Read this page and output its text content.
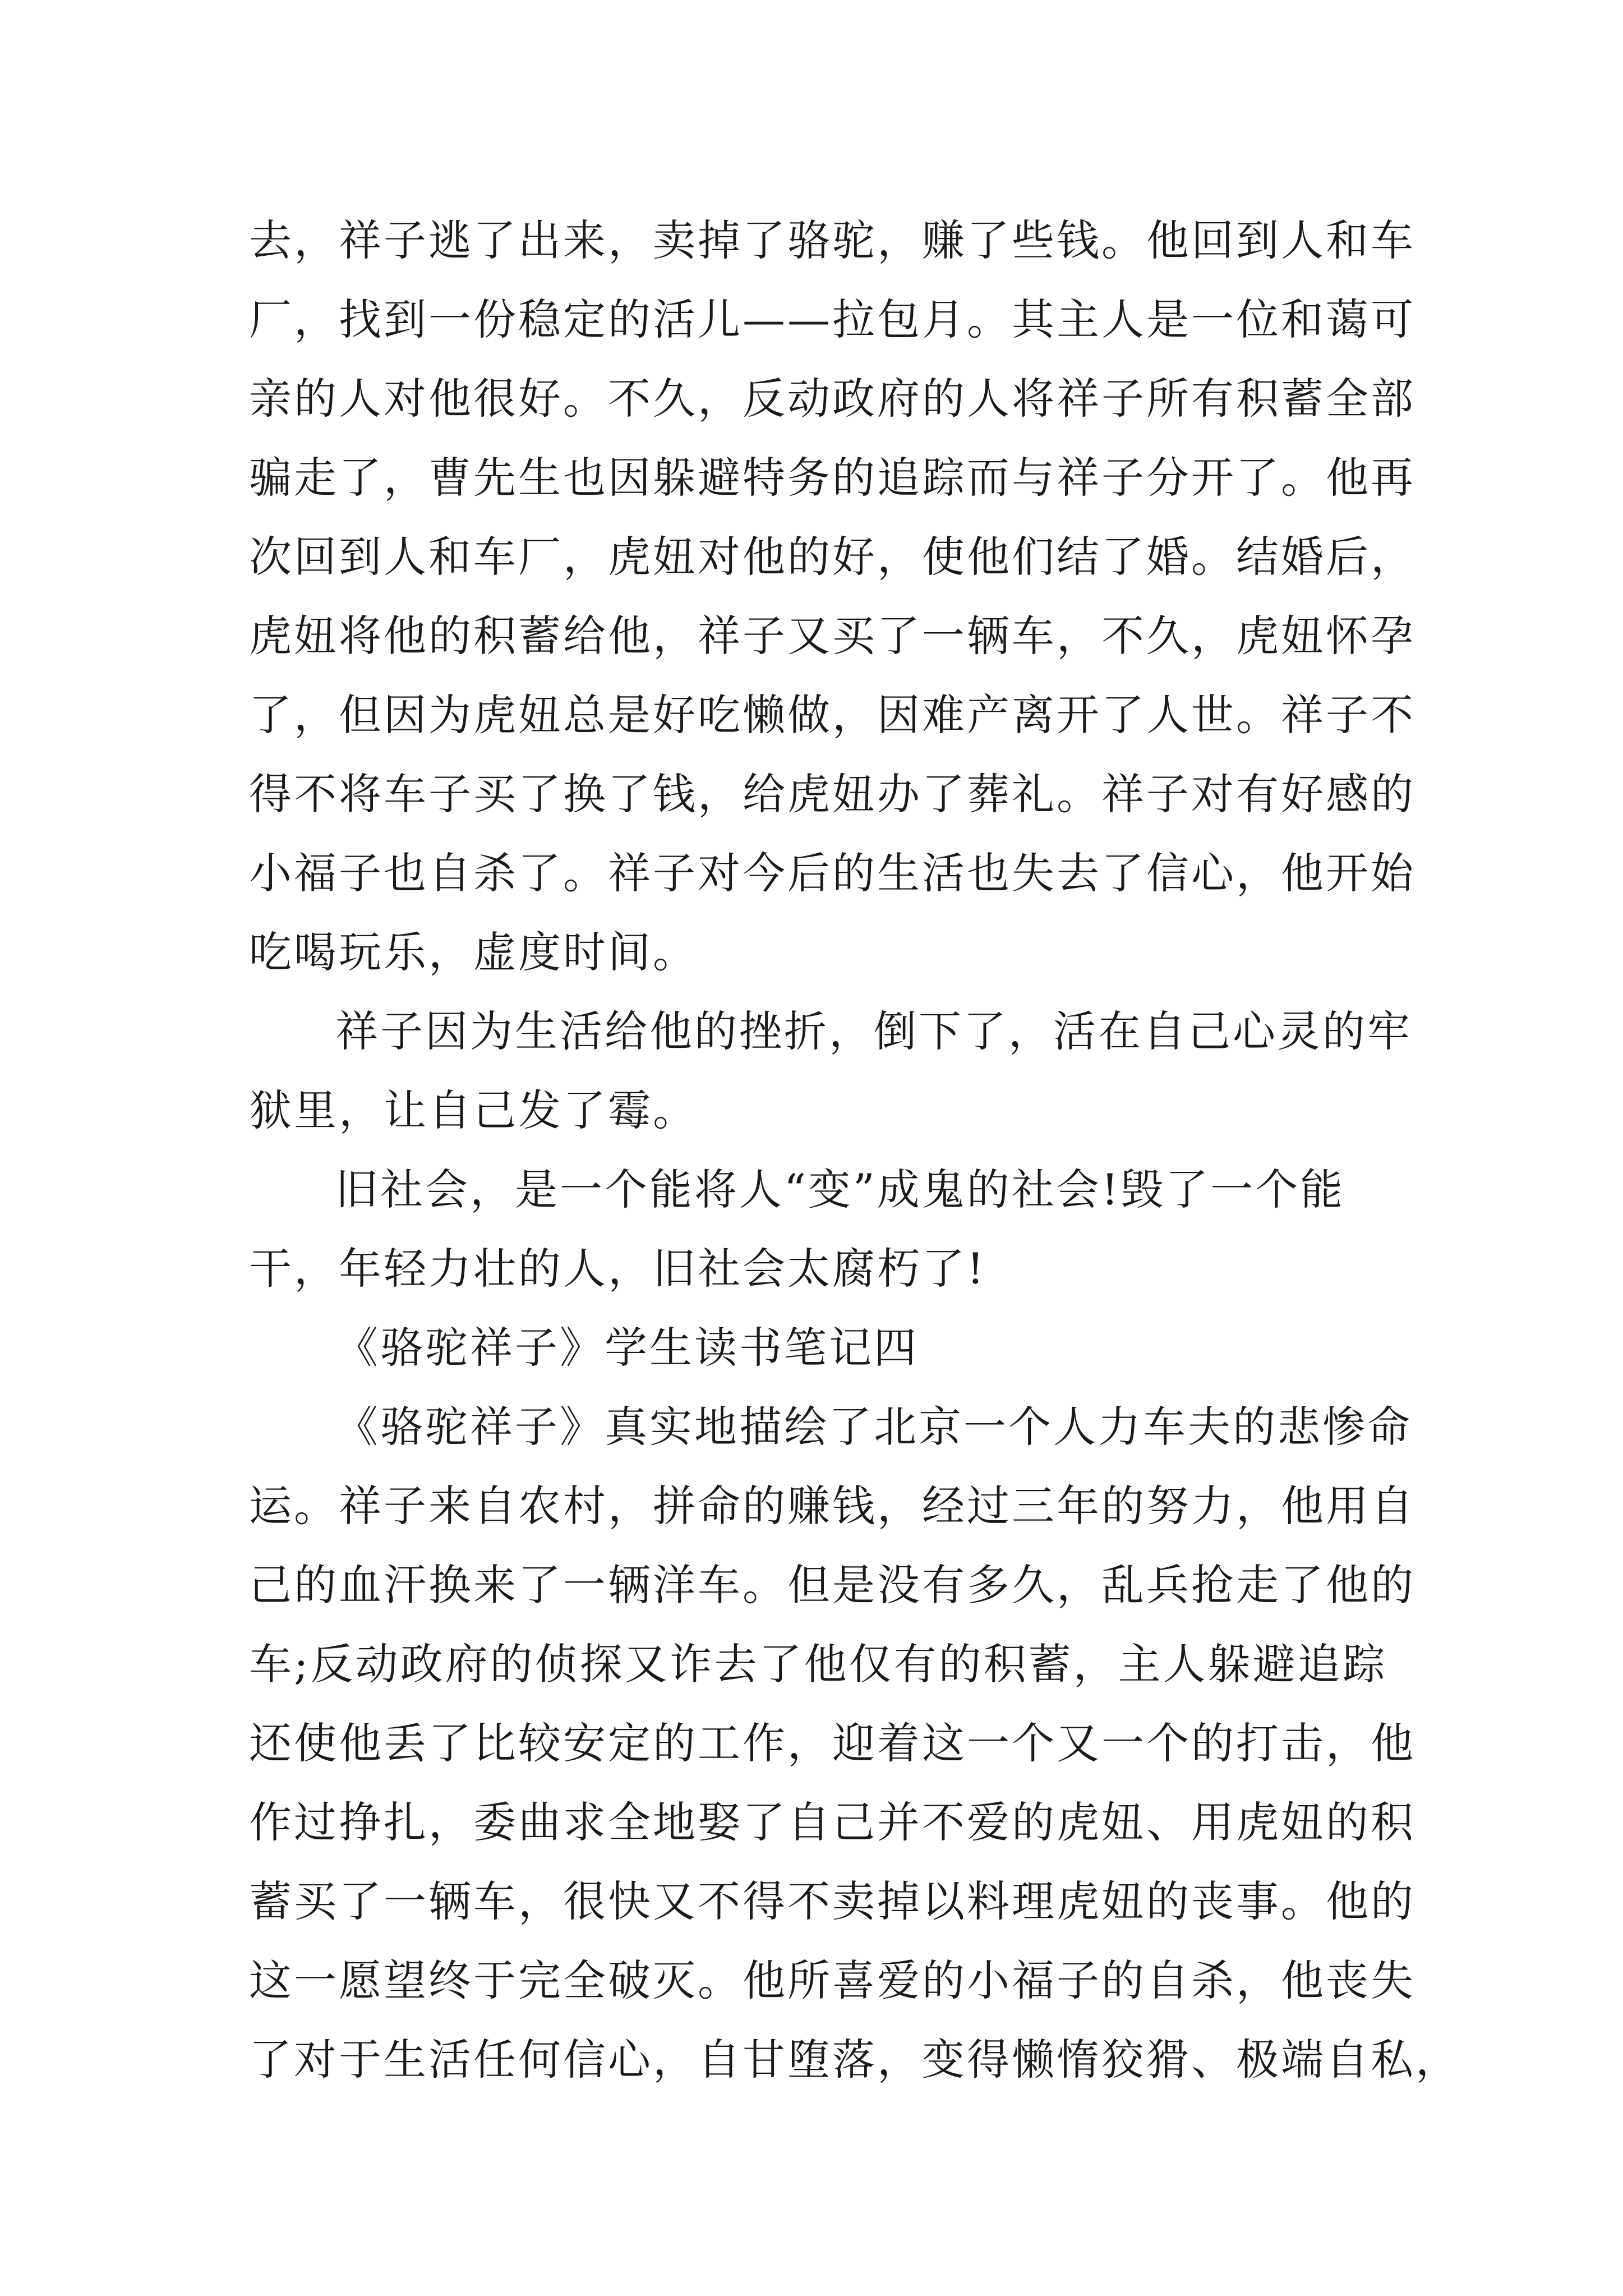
去，祥子逃了出来，卖掉了骆驼，赚了些钱。他回到人和车
厂，找到一份稳定的活儿——拉包月。其主人是一位和蔼可
亲的人对他很好。不久，反动政府的人将祥子所有积蓄全部
骗走了，曹先生也因躲避特务的追踪而与祥子分开了。他再
次回到人和车厂，虎妞对他的好，使他们结了婚。结婚后，
虎妞将他的积蓄给他，祥子又买了一辆车，不久，虎妞怀孕
了，但因为虎妞总是好吃懒做，因难产离开了人世。祥子不
得不将车子买了换了钱，给虎妞办了葬礼。祥子对有好感的
小福子也自杀了。祥子对今后的生活也失去了信心，他开始
吃喝玩乐，虚度时间。
祥子因为生活给他的挫折，倒下了，活在自己心灵的牢
狱里，让自己发了霉。
旧社会，是一个能将人“变”成鬼的社会!毁了一个能
干，年轻力壮的人，旧社会太腐朽了!
《骆驼祥子》学生读书笔记四
《骆驼祥子》真实地描绘了北京一个人力车夫的悲惨命
运。祥子来自农村，拼命的赚钱，经过三年的努力，他用自
己的血汗换来了一辆洋车。但是没有多久，乱兵抢走了他的
车;反动政府的侦探又诈去了他仅有的积蓄，主人躲避追踪
还使他丢了比较安定的工作，迎着这一个又一个的打击，他
作过挣扎，委曲求全地娶了自己并不爱的虎妞、用虎妞的积
蓄买了一辆车，很快又不得不卖掉以料理虎妞的丧事。他的
这一愿望终于完全破灭。他所喜爱的小福子的自杀，他丧失
了对于生活任何信心，自甘堕落，变得懒惰狡猾、极端自私，
